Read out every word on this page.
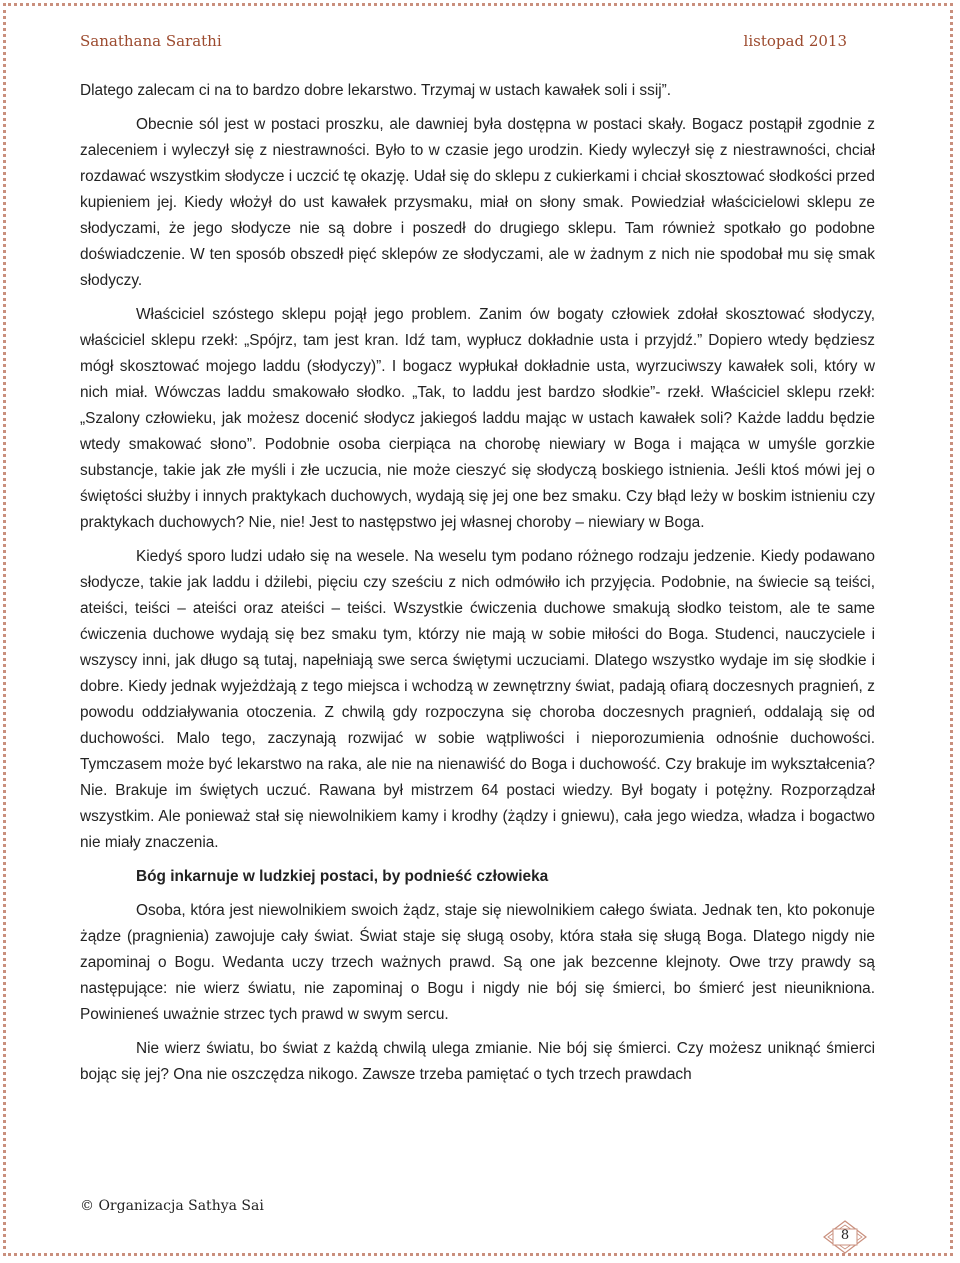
Sanathana Sarathi	listopad 2013

Dlatego zalecam ci na to bardzo dobre lekarstwo. Trzymaj w ustach kawałek soli i ssij”.

Obecnie sól jest w postaci proszku, ale dawniej była dostępna w postaci skały. Bogacz postąpił zgodnie z zaleceniem i wyleczył się z niestrawności. Było to w czasie jego urodzin. Kiedy wyleczył się z niestrawności, chciał rozdawać wszystkim słodycze i uczcić tę okazję. Udał się do sklepu z cukierkami i chciał skosztować słodkości przed kupieniem jej. Kiedy włożył do ust kawałek przysmaku, miał on słony smak. Powiedział właścicielowi sklepu ze słodyczami, że jego słodycze nie są dobre i poszedł do drugiego sklepu. Tam również spotkało go podobne doświadczenie. W ten sposób obszedł pięć sklepów ze słodyczami, ale w żadnym z nich nie spodobał mu się smak słodyczy.

Właściciel szóstego sklepu pojął jego problem. Zanim ów bogaty człowiek zdołał skosztować słodyczy, właściciel sklepu rzekł: „Spójrz, tam jest kran. Idź tam, wypłucz dokładnie usta i przyjdź.” Dopiero wtedy będziesz mógł skosztować mojego laddu (słodyczy)”. I bogacz wypłukał dokładnie usta, wyrzuciwszy kawałek soli, który w nich miał. Wówczas laddu smakowało słodko. „Tak, to laddu jest bardzo słodkie”- rzekł. Właściciel sklepu rzekł: „Szalony człowieku, jak możesz docenić słodycz jakiegoś laddu mając w ustach kawałek soli? Każde laddu będzie wtedy smakować słono”. Podobnie osoba cierpiąca na chorobę niewiary w Boga i mająca w umyśle gorzkie substancje, takie jak złe myśli i złe uczucia, nie może cieszyć się słodyczą boskiego istnienia. Jeśli ktoś mówi jej o świętości służby i innych praktykach duchowych, wydają się jej one bez smaku. Czy błąd leży w boskim istnieniu czy praktykach duchowych? Nie, nie! Jest to następstwo jej własnej choroby – niewiary w Boga.

Kiedyś sporo ludzi udało się na wesele. Na weselu tym podano różnego rodzaju jedzenie. Kiedy podawano słodycze, takie jak laddu i dżilebi, pięciu czy sześciu z nich odmówiło ich przyjęcia. Podobnie, na świecie są teiści, ateiści, teiści – ateiści oraz ateiści – teiści. Wszystkie ćwiczenia duchowe smakują słodko teistom, ale te same ćwiczenia duchowe wydają się bez smaku tym, którzy nie mają w sobie miłości do Boga. Studenci, nauczyciele i wszyscy inni, jak długo są tutaj, napełniają swe serca świętymi uczuciami. Dlatego wszystko wydaje im się słodkie i dobre. Kiedy jednak wyjeżdżają z tego miejsca i wchodzą w zewnętrzny świat, padają ofiarą doczesnych pragnień, z powodu oddziaływania otoczenia. Z chwilą gdy rozpoczyna się choroba doczesnych pragnień, oddalają się od duchowości. Malo tego, zaczynają rozwijać w sobie wątpliwości i nieporozumienia odnośnie duchowości. Tymczasem może być lekarstwo na raka, ale nie na nienawiść do Boga i duchowość. Czy brakuje im wykształcenia? Nie. Brakuje im świętych uczuć. Rawana był mistrzem 64 postaci wiedzy. Był bogaty i potężny. Rozporządzał wszystkim. Ale ponieważ stał się niewolnikiem kamy i krodhy (żądzy i gniewu), cała jego wiedza, władza i bogactwo nie miały znaczenia.

Bóg inkarnuje w ludzkiej postaci, by podnieść człowieka

Osoba, która jest niewolnikiem swoich żądz, staje się niewolnikiem całego świata. Jednak ten, kto pokonuje żądze (pragnienia) zawojuje cały świat. Świat staje się sługą osoby, która stała się sługą Boga. Dlatego nigdy nie zapominaj o Bogu. Wedanta uczy trzech ważnych prawd. Są one jak bezcenne klejnoty. Owe trzy prawdy są następujące: nie wierz światu, nie zapominaj o Bogu i nigdy nie bój się śmierci, bo śmierć jest nieunikniona. Powinieneś uważnie strzec tych prawd w swym sercu.

Nie wierz światu, bo świat z każdą chwilą ulega zmianie. Nie bój się śmierci. Czy możesz uniknąć śmierci bojąc się jej? Ona nie oszczędza nikogo. Zawsze trzeba pamiętać o tych trzech prawdach

© Organizacja Sathya Sai
8
